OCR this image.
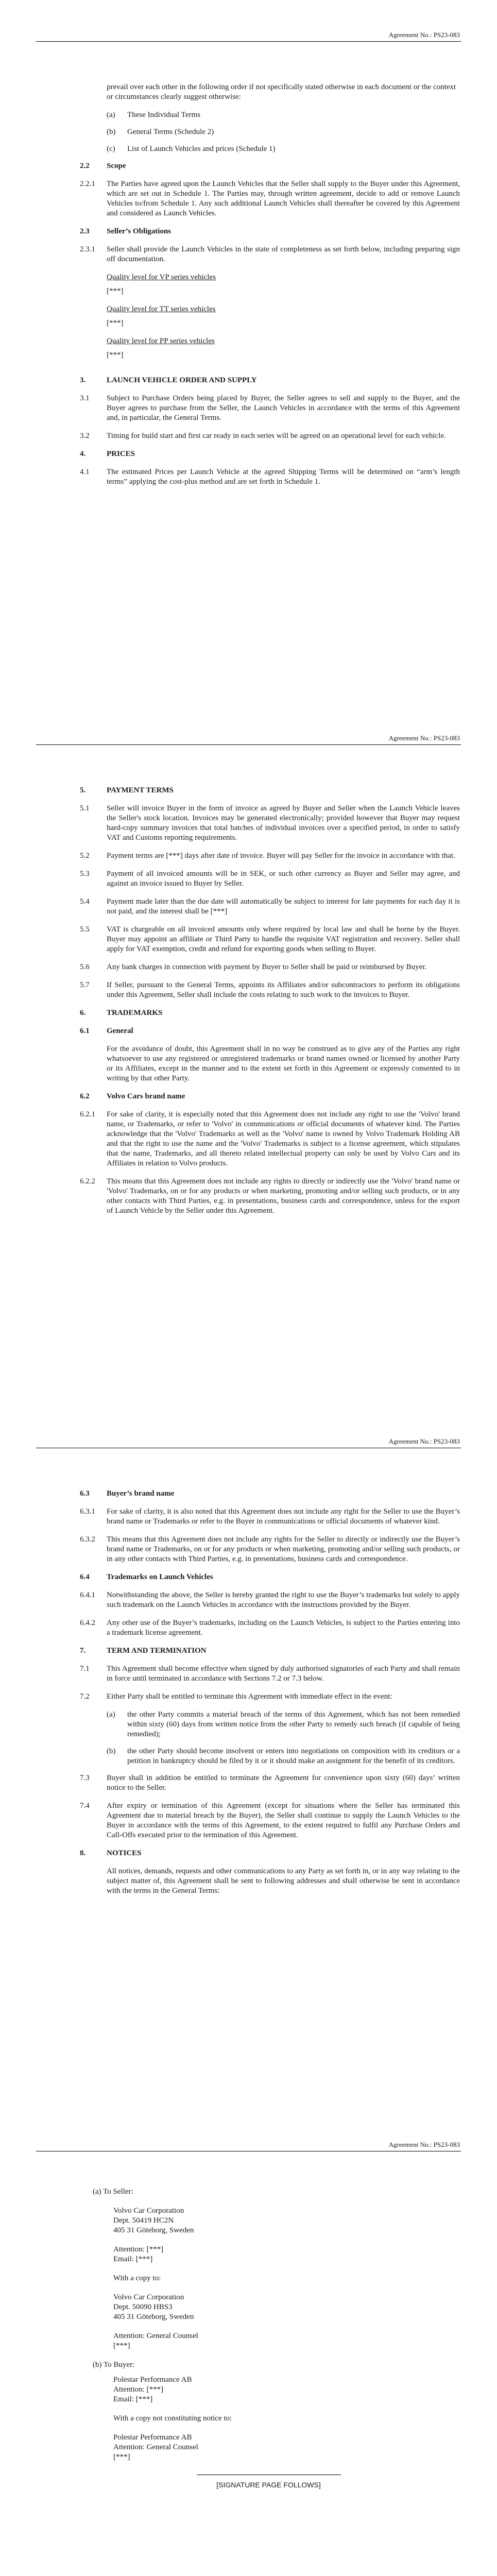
Agreement No.: PS23-083
prevail over each other in the following order if not specifically stated otherwise in each document or the context or circumstances clearly suggest otherwise:
(a)	These Individual Terms
(b)	General Terms (Schedule 2)
(c)	List of Launch Vehicles and prices (Schedule 1)
2.2	Scope
2.2.1	The Parties have agreed upon the Launch Vehicles that the Seller shall supply to the Buyer under this Agreement, which are set out in Schedule 1. The Parties may, through written agreement, decide to add or remove Launch Vehicles to/from Schedule 1. Any such additional Launch Vehicles shall thereafter be covered by this Agreement and considered as Launch Vehicles.
2.3	Seller’s Obligations
2.3.1	Seller shall provide the Launch Vehicles in the state of completeness as set forth below, including preparing sign off documentation.
Quality level for VP series vehicles
[***]
Quality level for TT series vehicles
[***]
Quality level for PP series vehicles
[***]
3.	LAUNCH VEHICLE ORDER AND SUPPLY
3.1	Subject to Purchase Orders being placed by Buyer, the Seller agrees to sell and supply to the Buyer, and the Buyer agrees to purchase from the Seller, the Launch Vehicles in accordance with the terms of this Agreement and, in particular, the General Terms.
3.2	Timing for build start and first car ready in each series will be agreed on an operational level for each vehicle.
4.	PRICES
4.1	The estimated Prices per Launch Vehicle at the agreed Shipping Terms will be determined on “arm’s length terms” applying the cost-plus method and are set forth in Schedule 1.
Agreement No.: PS23-083
5.	PAYMENT TERMS
5.1	Seller will invoice Buyer in the form of invoice as agreed by Buyer and Seller when the Launch Vehicle leaves the Seller's stock location. Invoices may be generated electronically; provided however that Buyer may request hard-copy summary invoices that total batches of individual invoices over a specified period, in order to satisfy VAT and Customs reporting requirements.
5.2	Payment terms are [***] days after date of invoice. Buyer will pay Seller for the invoice in accordance with that.
5.3	Payment of all invoiced amounts will be in SEK, or such other currency as Buyer and Seller may agree, and against an invoice issued to Buyer by Seller.
5.4	Payment made later than the due date will automatically be subject to interest for late payments for each day it is not paid, and the interest shall be [***]
5.5	VAT is chargeable on all invoiced amounts only where required by local law and shall be borne by the Buyer. Buyer may appoint an affiliate or Third Party to handle the requisite VAT registration and recovery. Seller shall apply for VAT exemption, credit and refund for exporting goods when selling to Buyer.
5.6	Any bank charges in connection with payment by Buyer to Seller shall be paid or reimbursed by Buyer.
5.7	If Seller, pursuant to the General Terms, appoints its Affiliates and/or subcontractors to perform its obligations under this Agreement, Seller shall include the costs relating to such work to the invoices to Buyer.
6.	TRADEMARKS
6.1	General
For the avoidance of doubt, this Agreement shall in no way be construed as to give any of the Parties any right whatsoever to use any registered or unregistered trademarks or brand names owned or licensed by another Party or its Affiliates, except in the manner and to the extent set forth in this Agreement or expressly consented to in writing by that other Party.
6.2	Volvo Cars brand name
6.2.1	For sake of clarity, it is especially noted that this Agreement does not include any right to use the 'Volvo' brand name, or Trademarks, or refer to 'Volvo' in communications or official documents of whatever kind. The Parties acknowledge that the 'Volvo' Trademarks as well as the 'Volvo' name is owned by Volvo Trademark Holding AB and that the right to use the name and the 'Volvo' Trademarks is subject to a license agreement, which stipulates that the name, Trademarks, and all thereto related intellectual property can only be used by Volvo Cars and its Affiliates in relation to Volvo products.
6.2.2	This means that this Agreement does not include any rights to directly or indirectly use the 'Volvo' brand name or 'Volvo' Trademarks, on or for any products or when marketing, promoting and/or selling such products, or in any other contacts with Third Parties, e.g. in presentations, business cards and correspondence, unless for the export of Launch Vehicle by the Seller under this Agreement.
Agreement No.: PS23-083
6.3	Buyer’s brand name
6.3.1	For sake of clarity, it is also noted that this Agreement does not include any right for the Seller to use the Buyer’s brand name or Trademarks or refer to the Buyer in communications or official documents of whatever kind.
6.3.2	This means that this Agreement does not include any rights for the Seller to directly or indirectly use the Buyer’s brand name or Trademarks, on or for any products or when marketing, promoting and/or selling such products, or in any other contacts with Third Parties, e.g. in presentations, business cards and correspondence.
6.4	Trademarks on Launch Vehicles
6.4.1	Notwithstanding the above, the Seller is hereby granted the right to use the Buyer’s trademarks but solely to apply such trademark on the Launch Vehicles in accordance with the instructions provided by the Buyer.
6.4.2	Any other use of the Buyer’s trademarks, including on the Launch Vehicles, is subject to the Parties entering into a trademark license agreement.
7.	TERM AND TERMINATION
7.1	This Agreement shall become effective when signed by duly authorised signatories of each Party and shall remain in force until terminated in accordance with Sections 7.2 or 7.3 below.
7.2	Either Party shall be entitled to terminate this Agreement with immediate effect in the event:
(a)	the other Party commits a material breach of the terms of this Agreement, which has not been remedied within sixty (60) days from written notice from the other Party to remedy such breach (if capable of being remedied);
(b)	the other Party should become insolvent or enters into negotiations on composition with its creditors or a petition in bankruptcy should be filed by it or it should make an assignment for the benefit of its creditors.
7.3	Buyer shall in addition be entitled to terminate the Agreement for convenience upon sixty (60) days’ written notice to the Seller.
7.4	After expiry or termination of this Agreement (except for situations where the Seller has terminated this Agreement due to material breach by the Buyer), the Seller shall continue to supply the Launch Vehicles to the Buyer in accordance with the terms of this Agreement, to the extent required to fulfil any Purchase Orders and Call-Offs executed prior to the termination of this Agreement.
8.	NOTICES
All notices, demands, requests and other communications to any Party as set forth in, or in any way relating to the subject matter of, this Agreement shall be sent to following addresses and shall otherwise be sent in accordance with the terms in the General Terms:
Agreement No.: PS23-083
(a) To Seller:
Volvo Car Corporation
Dept. 50419 HC2N
405 31 Göteborg, Sweden
Attention: [***]
Email: [***]
With a copy to:
Volvo Car Corporation
Dept. 50090 HBS3
405 31 Göteborg, Sweden
Attention: General Counsel
[***]
(b) To Buyer:
Polestar Performance AB
Attention: [***]
Email: [***]
With a copy not constituting notice to:
Polestar Performance AB
Attention: General Counsel
[***]
[SIGNATURE PAGE FOLLOWS]
